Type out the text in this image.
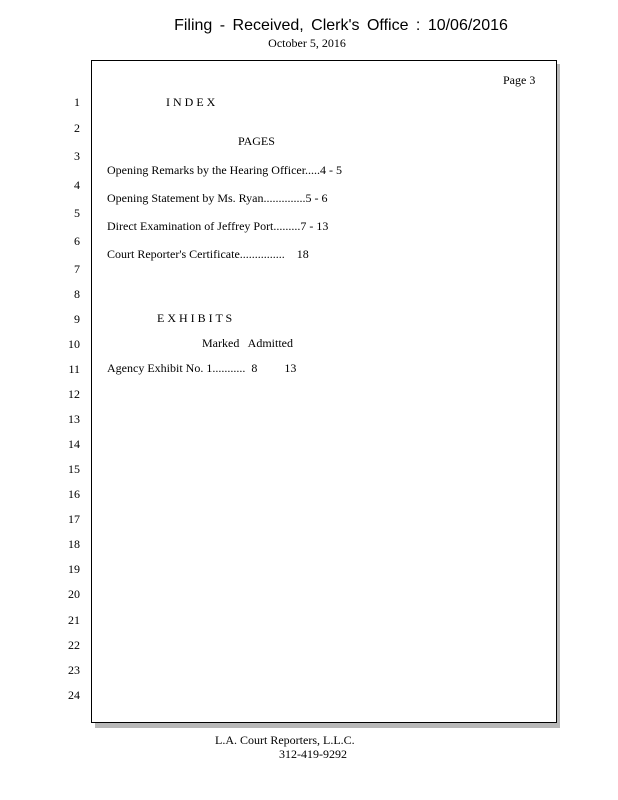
Filing - Received, Clerk's Office : 10/06/2016
October 5, 2016
Page 3
I N D E X
PAGES
Opening Remarks by the Hearing Officer.....4 - 5
Opening Statement by Ms. Ryan..............5 - 6
Direct Examination of Jeffrey Port.........7 - 13
Court Reporter's Certificate...............    18
E X H I B I T S
Marked   Admitted
Agency Exhibit No. 1...........  8         13
1
2
3
4
5
6
7
8
9
10
11
12
13
14
15
16
17
18
19
20
21
22
23
24
L.A. Court Reporters, L.L.C.
312-419-9292
